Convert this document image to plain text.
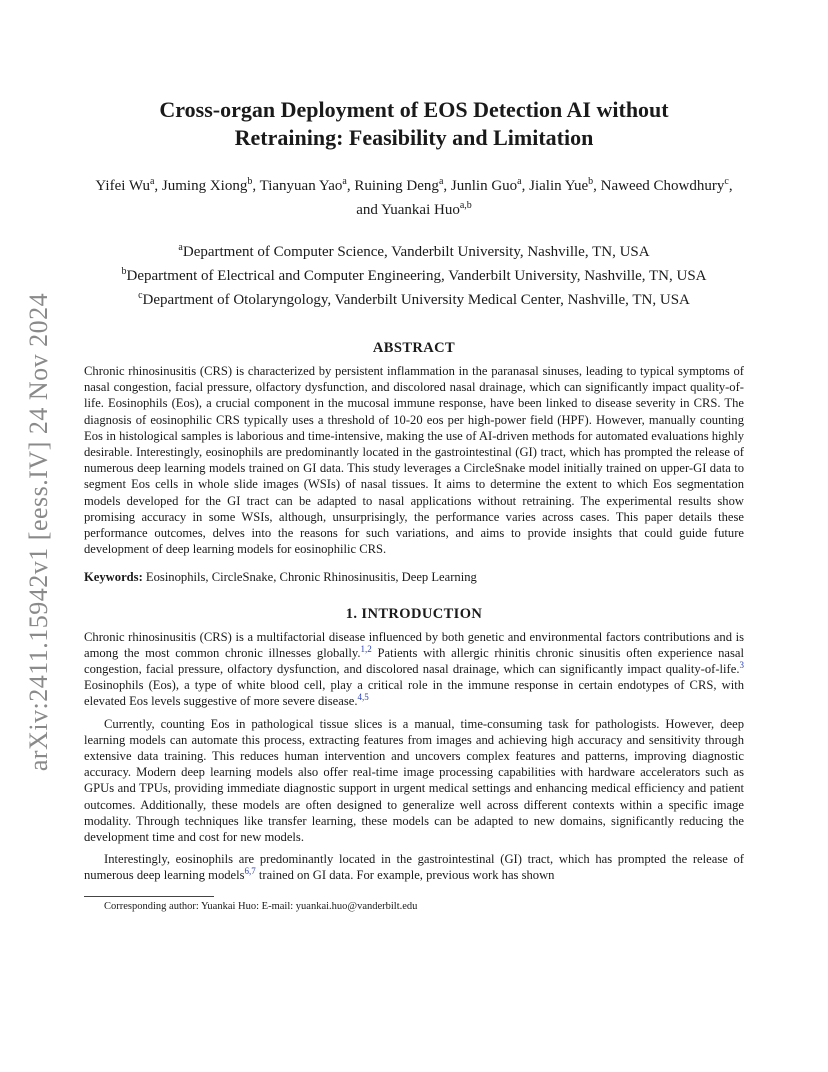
arXiv:2411.15942v1 [eess.IV] 24 Nov 2024
Cross-organ Deployment of EOS Detection AI without Retraining: Feasibility and Limitation
Yifei Wu$^a$, Juming Xiong$^b$, Tianyuan Yao$^a$, Ruining Deng$^a$, Junlin Guo$^a$, Jialin Yue$^b$, Naweed Chowdhury$^c$, and Yuankai Huo$^{a,b}$
$^a$Department of Computer Science, Vanderbilt University, Nashville, TN, USA
$^b$Department of Electrical and Computer Engineering, Vanderbilt University, Nashville, TN, USA
$^c$Department of Otolaryngology, Vanderbilt University Medical Center, Nashville, TN, USA
ABSTRACT

Chronic rhinosinusitis (CRS) is characterized by persistent inflammation in the paranasal sinuses, leading to typical symptoms of nasal congestion, facial pressure, olfactory dysfunction, and discolored nasal drainage, which can significantly impact quality-of-life. Eosinophils (Eos), a crucial component in the mucosal immune response, have been linked to disease severity in CRS. The diagnosis of eosinophilic CRS typically uses a threshold of 10-20 eos per high-power field (HPF). However, manually counting Eos in histological samples is laborious and time-intensive, making the use of AI-driven methods for automated evaluations highly desirable. Interestingly, eosinophils are predominantly located in the gastrointestinal (GI) tract, which has prompted the release of numerous deep learning models trained on GI data. This study leverages a CircleSnake model initially trained on upper-GI data to segment Eos cells in whole slide images (WSIs) of nasal tissues. It aims to determine the extent to which Eos segmentation models developed for the GI tract can be adapted to nasal applications without retraining. The experimental results show promising accuracy in some WSIs, although, unsurprisingly, the performance varies across cases. This paper details these performance outcomes, delves into the reasons for such variations, and aims to provide insights that could guide future development of deep learning models for eosinophilic CRS.

Keywords: Eosinophils, CircleSnake, Chronic Rhinosinusitis, Deep Learning

1. INTRODUCTION

Chronic rhinosinusitis (CRS) is a multifactorial disease influenced by both genetic and environmental factors contributions and is among the most common chronic illnesses globally.$^{1,2}$ Patients with allergic rhinitis chronic sinusitis often experience nasal congestion, facial pressure, olfactory dysfunction, and discolored nasal drainage, which can significantly impact quality-of-life.$^3$ Eosinophils (Eos), a type of white blood cell, play a critical role in the immune response in certain endotypes of CRS, with elevated Eos levels suggestive of more severe disease.$^{4,5}$

Currently, counting Eos in pathological tissue slices is a manual, time-consuming task for pathologists. However, deep learning models can automate this process, extracting features from images and achieving high accuracy and sensitivity through extensive data training. This reduces human intervention and uncovers complex features and patterns, improving diagnostic accuracy. Modern deep learning models also offer real-time image processing capabilities with hardware accelerators such as GPUs and TPUs, providing immediate diagnostic support in urgent medical settings and enhancing medical efficiency and patient outcomes. Additionally, these models are often designed to generalize well across different contexts within a specific image modality. Through techniques like transfer learning, these models can be adapted to new domains, significantly reducing the development time and cost for new models.

Interestingly, eosinophils are predominantly located in the gastrointestinal (GI) tract, which has prompted the release of numerous deep learning models$^{6,7}$ trained on GI data. For example, previous work has shown

Corresponding author: Yuankai Huo: E-mail: yuankai.huo@vanderbilt.edu
